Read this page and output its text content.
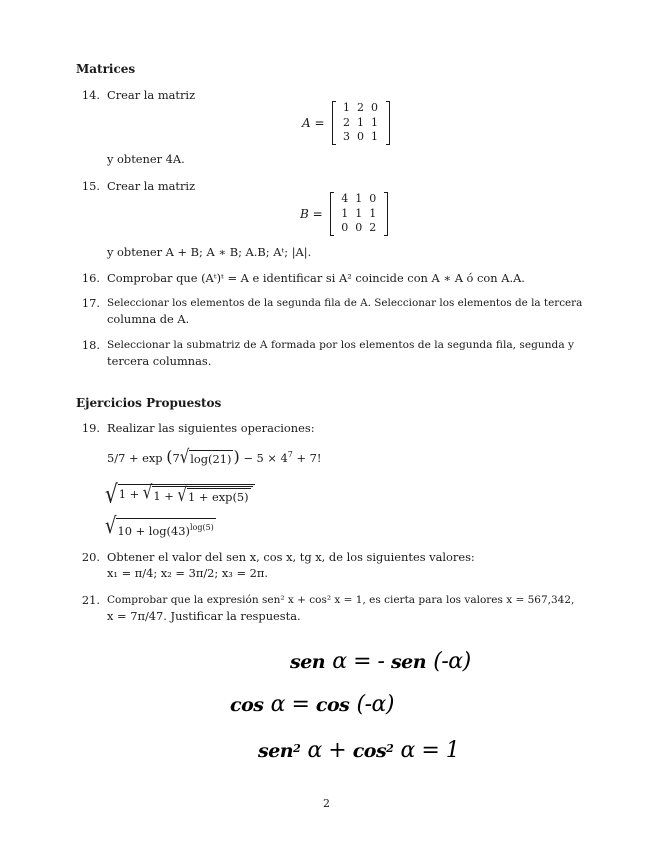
Matrices
14. Crear la matriz
A =
1 2 0
2 1 1
3 0 1
y obtener 4A.
15. Crear la matriz
B =
4 1 0
1 1 1
0 0 2
y obtener A + B; A ∗ B; A.B; Aᵗ; |A|.
16. Comprobar que (Aᵗ)ᵗ = A e identificar si A² coincide con A ∗ A ó con A.A.
17. Seleccionar los elementos de la segunda fila de A. Seleccionar los elementos de la tercera
columna de A.
18. Seleccionar la submatriz de A formada por los elementos de la segunda fila, segunda y
tercera columnas.
Ejercicios Propuestos
19. Realizar las siguientes operaciones:
5/7 + exp (7 √ log(21) ) − $5 \times 4^7 + 7$!
√ 1 + √ 1 + √ 1 + exp(5)
√ $10 + \log(43)^{log(5)}$
20. Obtener el valor del sen x, cos x, tg x, de los siguientes valores:
x₁ = π/4; x₂ = 3π/2; x₃ = 2π.
21. Comprobar que la expresión sen² x + cos² x = 1, es cierta para los valores x = 567,342,
x = 7π/47. Justificar la respuesta.
sen α = - sen (-α)
cos α = cos (-α)
sen$^2$ $\alpha + \cos^2 \alpha = 1$
2
